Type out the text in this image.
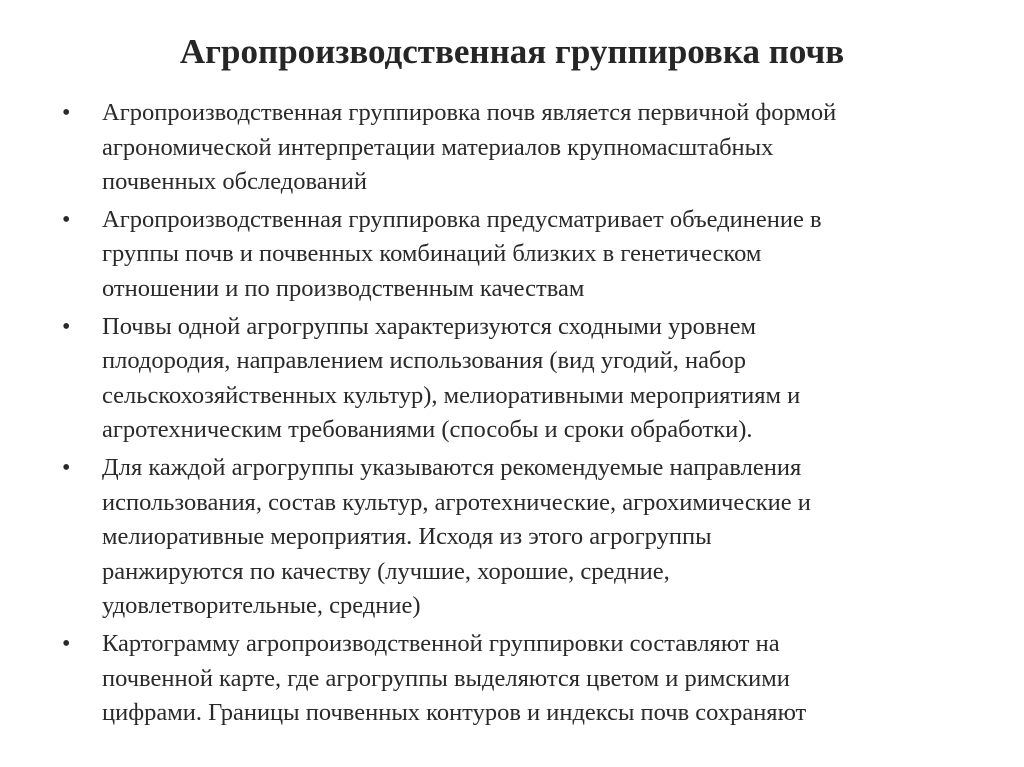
Агропроизводственная группировка почв
•	Агропроизводственная группировка почв является первичной формой
агрономической интерпретации материалов крупномасштабных
почвенных обследований
•	Агропроизводственная группировка предусматривает объединение в
группы почв и почвенных комбинаций близких в генетическом
отношении и по производственным качествам
•	Почвы одной агрогруппы характеризуются сходными уровнем
плодородия, направлением использования (вид угодий, набор
сельскохозяйственных культур), мелиоративными мероприятиям и
агротехническим требованиями (способы и сроки обработки).
•	Для каждой агрогруппы указываются рекомендуемые направления
использования, состав культур, агротехнические, агрохимические и
мелиоративные мероприятия. Исходя из этого агрогруппы
ранжируются по качеству (лучшие, хорошие, средние,
удовлетворительные, средние)
•	Картограмму агропроизводственной группировки составляют на
почвенной карте, где агрогруппы выделяются цветом и римскими
цифрами. Границы почвенных контуров и индексы почв сохраняют
